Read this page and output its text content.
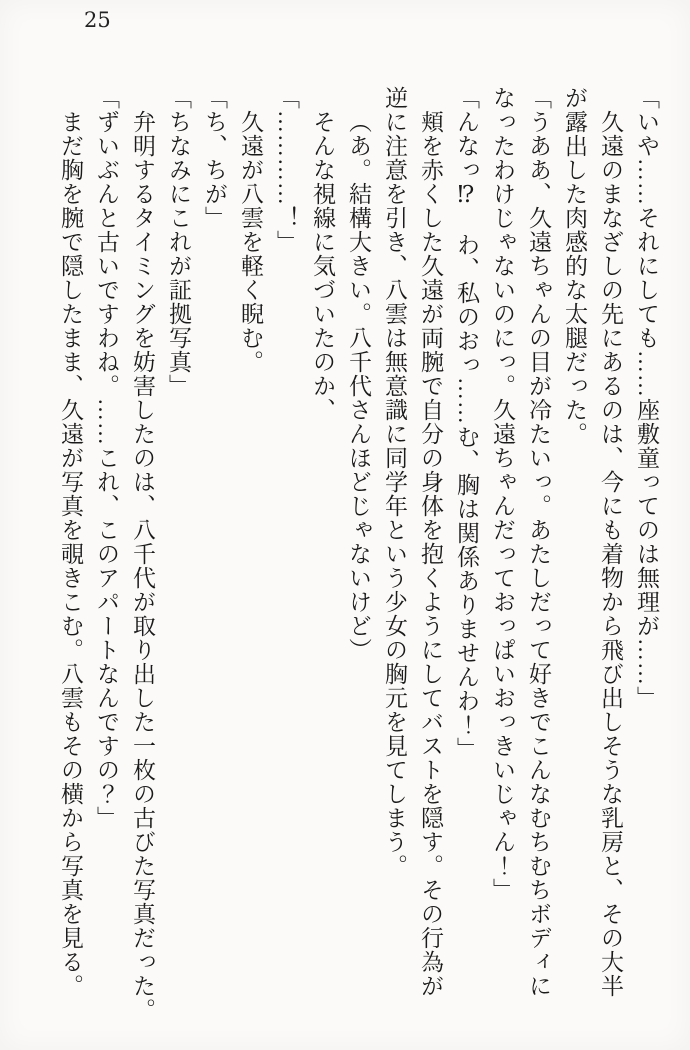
25

「いや……それにしても……座敷童ってのは無理が……」

久遠のまなざしの先にあるのは、今にも着物から飛び出しそうな乳房と、その大半

が露出した肉感的な太腿だった。

「うああ、久遠ちゃんの目が冷たいっ。あたしだって好きでこんなむちむちボディに

なったわけじゃないのにっ。久遠ちゃんだっておっぱいおっきいじゃん！」

「んなっ⁉　わ、私のおっ……む、胸は関係ありませんわ！」

頬を赤くした久遠が両腕で自分の身体を抱くようにしてバストを隠す。その行為が

逆に注意を引き、八雲は無意識に同学年という少女の胸元を見てしまう。

（あ。結構大きい。八千代さんほどじゃないけど）

そんな視線に気づいたのか、

「…………！」

久遠が八雲を軽く睨む。

「ち、ちが」

「ちなみにこれが証拠写真」

弁明するタイミングを妨害したのは、八千代が取り出した一枚の古びた写真だった。

「ずいぶんと古いですわね。……これ、このアパートなんですの？」

まだ胸を腕で隠したまま、久遠が写真を覗きこむ。八雲もその横から写真を見る。
